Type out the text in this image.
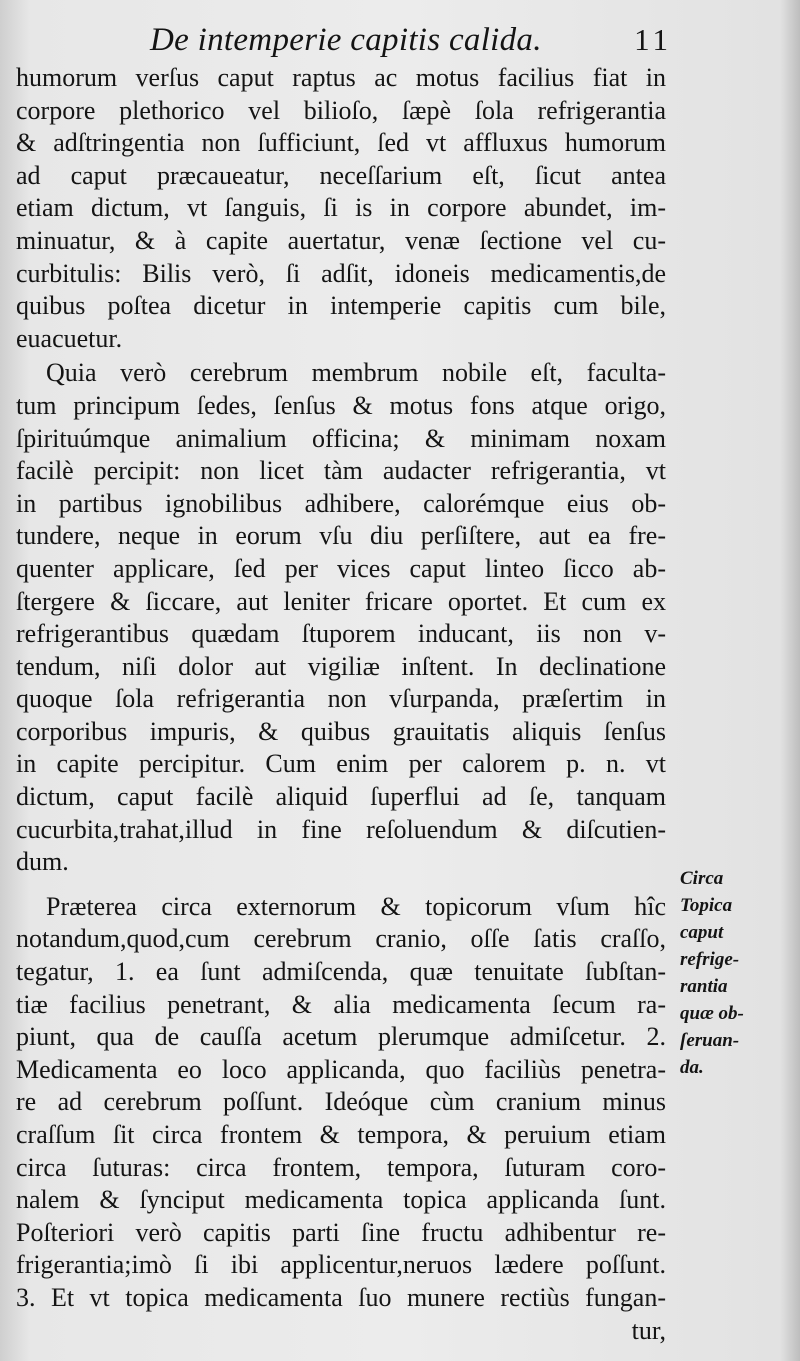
De intemperie capitis calida.	11
humorum verſus caput raptus ac motus facilius fiat in
corpore plethorico vel bilioſo, ſæpè ſola refrigerantia
& adſtringentia non ſufficiunt, ſed vt affluxus humorum
ad caput præcaueatur, neceſſarium eſt, ſicut antea
etiam dictum, vt ſanguis, ſi is in corpore abundet, im-
minuatur, & à capite auertatur, venæ ſectione vel cu-
curbitulis: Bilis verò, ſi adſit, idoneis medicamentis,de
quibus poſtea dicetur in intemperie capitis cum bile,
euacuetur.
Quia verò cerebrum membrum nobile eſt, faculta-
tum principum ſedes, ſenſus & motus fons atque origo,
ſpirituúmque animalium officina; & minimam noxam
facilè percipit: non licet tàm audacter refrigerantia, vt
in partibus ignobilibus adhibere, calorémque eius ob-
tundere, neque in eorum vſu diu perſiſtere, aut ea fre-
quenter applicare, ſed per vices caput linteo ſicco ab-
ſtergere & ſiccare, aut leniter fricare oportet. Et cum ex
refrigerantibus quædam ſtuporem inducant, iis non v-
tendum, niſi dolor aut vigiliæ inſtent. In declinatione
quoque ſola refrigerantia non vſurpanda, præſertim in
corporibus impuris, & quibus grauitatis aliquis ſenſus
in capite percipitur. Cum enim per calorem p. n. vt
dictum, caput facilè aliquid ſuperflui ad ſe, tanquam
cucurbita,trahat,illud in fine reſoluendum & diſcutien-
dum.
Præterea circa externorum & topicorum vſum hîc
notandum,quod,cum cerebrum cranio, oſſe ſatis craſſo,
tegatur, 1. ea ſunt admiſcenda, quæ tenuitate ſubſtan-
tiæ facilius penetrant, & alia medicamenta ſecum ra-
piunt, qua de cauſſa acetum plerumque admiſcetur. 2.
Medicamenta eo loco applicanda, quo faciliùs penetra-
re ad cerebrum poſſunt. Ideóque cùm cranium minus
craſſum ſit circa frontem & tempora, & peruium etiam
circa ſuturas: circa frontem, tempora, ſuturam coro-
nalem & ſynciput medicamenta topica applicanda ſunt.
Poſteriori verò capitis parti ſine fructu adhibentur re-
frigerantia;imò ſi ibi applicentur,neruos lædere poſſunt.
3. Et vt topica medicamenta ſuo munere rectiùs fungan-
tur,
Circa
Topica
caput
refrige-
rantia
quæ ob-
ſeruan-
da.
